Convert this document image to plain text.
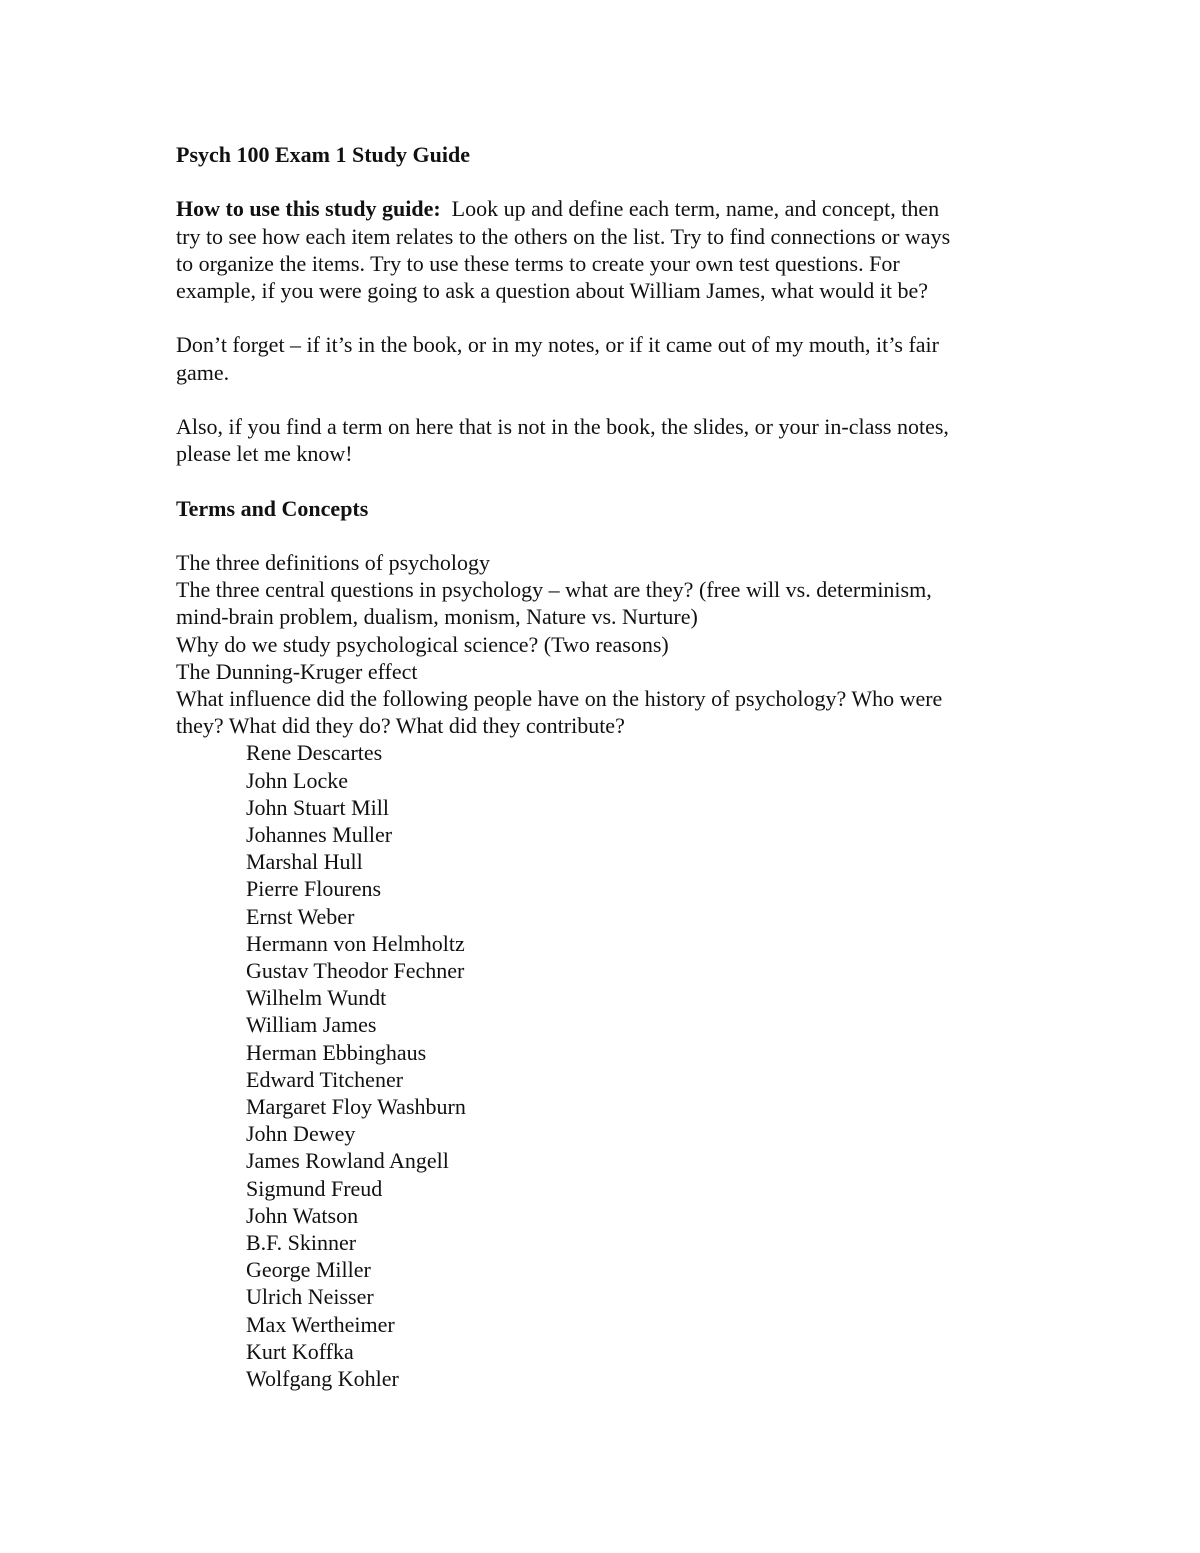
Psych 100 Exam 1 Study Guide
How to use this study guide: Look up and define each term, name, and concept, then
try to see how each item relates to the others on the list. Try to find connections or ways
to organize the items. Try to use these terms to create your own test questions. For
example, if you were going to ask a question about William James, what would it be?
Don’t forget – if it’s in the book, or in my notes, or if it came out of my mouth, it’s fair
game.
Also, if you find a term on here that is not in the book, the slides, or your in-class notes,
please let me know!
Terms and Concepts
The three definitions of psychology
The three central questions in psychology – what are they? (free will vs. determinism,
mind-brain problem, dualism, monism, Nature vs. Nurture)
Why do we study psychological science? (Two reasons)
The Dunning-Kruger effect
What influence did the following people have on the history of psychology? Who were
they? What did they do? What did they contribute?
Rene Descartes
John Locke
John Stuart Mill
Johannes Muller
Marshal Hull
Pierre Flourens
Ernst Weber
Hermann von Helmholtz
Gustav Theodor Fechner
Wilhelm Wundt
William James
Herman Ebbinghaus
Edward Titchener
Margaret Floy Washburn
John Dewey
James Rowland Angell
Sigmund Freud
John Watson
B.F. Skinner
George Miller
Ulrich Neisser
Max Wertheimer
Kurt Koffka
Wolfgang Kohler
